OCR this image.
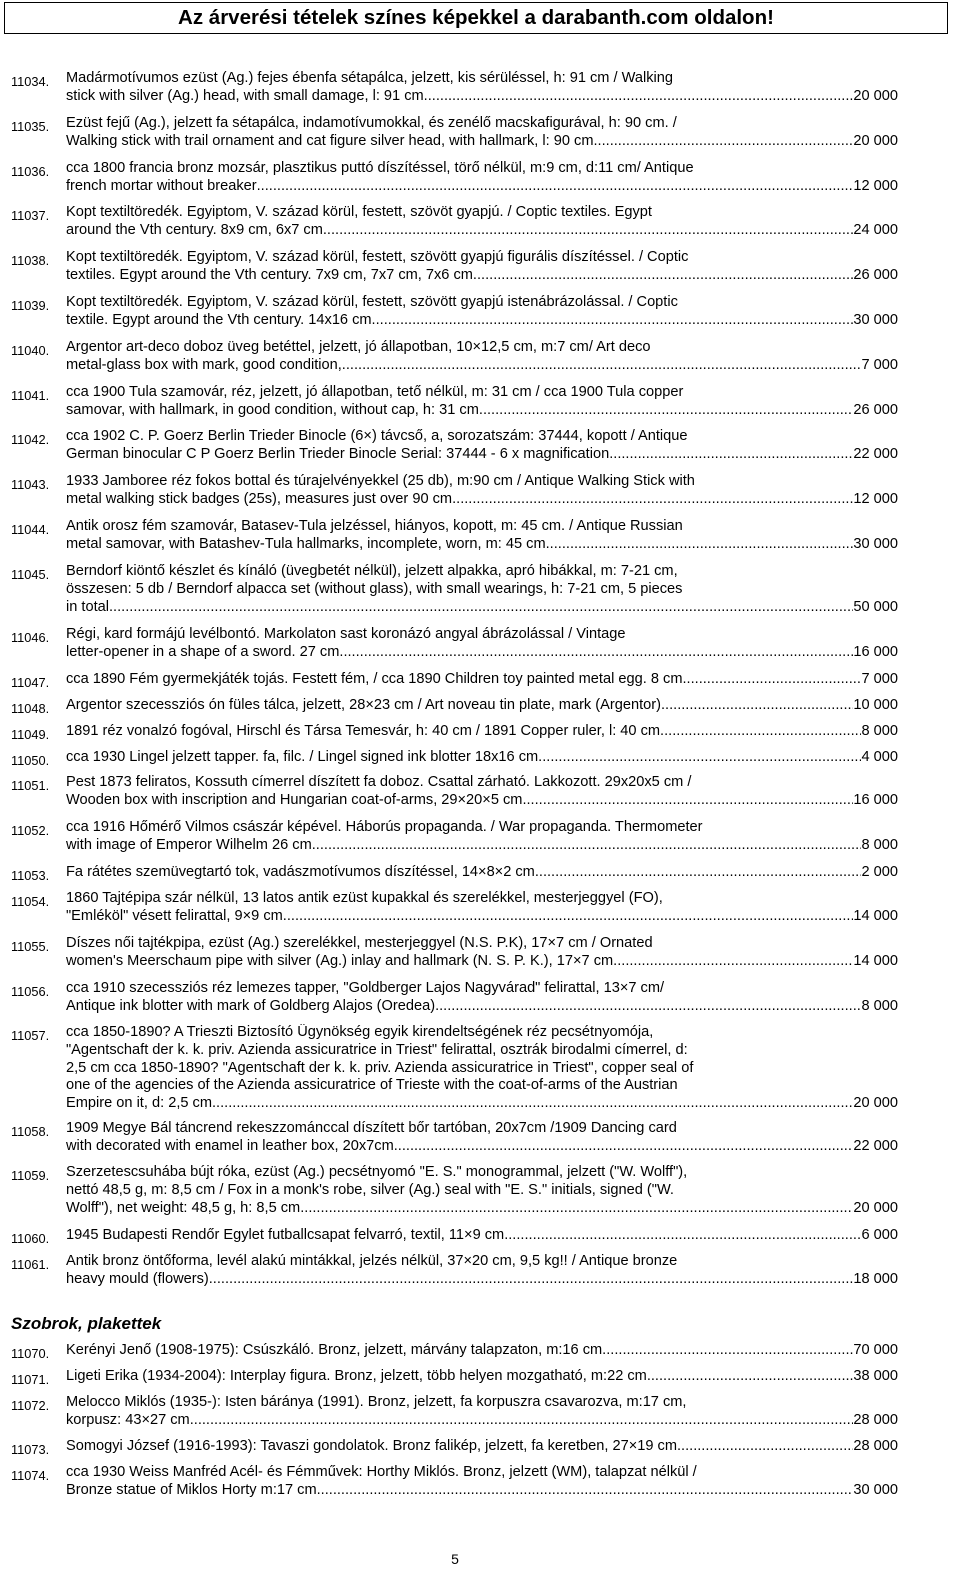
Az árverési tételek színes képekkel a darabanth.com oldalon!
11034. Madármotívumos ezüst (Ag.) fejes ébenfa sétapálca, jelzett, kis sérüléssel, h: 91 cm / Walking
stick with silver (Ag.) head, with small damage, l: 91 cm .....	20 000
11035. Ezüst fejű (Ag.), jelzett fa sétapálca, indamotívumokkal, és zenélő macskafigurával, h: 90 cm. /
Walking stick with trail ornament and cat figure silver head, with hallmark, l: 90 cm. .....	20 000
11036. cca 1800 francia bronz mozsár, plasztikus puttó díszítéssel, törő nélkül, m:9 cm, d:11 cm/ Antique
french mortar without breaker .....	12 000
11037. Kopt textiltöredék. Egyiptom, V. század körül, festett, szövöt gyapjú. / Coptic textiles. Egypt
around the Vth century. 8x9 cm, 6x7 cm .....	24 000
11038. Kopt textiltöredék. Egyiptom, V. század körül, festett, szövött gyapjú figurális díszítéssel. / Coptic
textiles. Egypt around the Vth century. 7x9 cm, 7x7 cm, 7x6 cm .....	26 000
11039. Kopt textiltöredék. Egyiptom, V. század körül, festett, szövött gyapjú istenábrázolással. / Coptic
textile. Egypt around the Vth century. 14x16 cm. .....	30 000
11040. Argentor art-deco doboz üveg betéttel, jelzett, jó állapotban, 10×12,5 cm, m:7 cm/ Art deco
metal-glass box with mark, good condition, .....	7 000
11041. cca 1900 Tula szamovár, réz, jelzett, jó állapotban, tető nélkül, m: 31 cm / cca 1900 Tula copper
samovar, with hallmark, in good condition, without cap, h: 31 cm .....	26 000
11042. cca 1902 C. P. Goerz Berlin Trieder Binocle (6×) távcső, a, sorozatszám: 37444, kopott / Antique
German binocular C P Goerz Berlin Trieder Binocle Serial: 37444 - 6 x magnification .....	22 000
11043. 1933 Jamboree réz fokos bottal és túrajelvényekkel (25 db), m:90 cm / Antique Walking Stick with
metal walking stick badges (25s), measures just over 90 cm .....	12 000
11044. Antik orosz fém szamovár, Batasev-Tula jelzéssel, hiányos, kopott, m: 45 cm. / Antique Russian
metal samovar, with Batashev-Tula hallmarks, incomplete, worn, m: 45 cm. .....	30 000
11045. Berndorf kiöntő készlet és kínáló (üvegbetét nélkül), jelzett alpakka, apró hibákkal, m: 7-21 cm,
összesen: 5 db / Berndorf alpacca set (without glass), with small wearings, h: 7-21 cm, 5 pieces
in total .....	50 000
11046. Régi, kard formájú levélbontó. Markolaton sast koronázó angyal ábrázolással / Vintage
letter-opener in a shape of a sword. 27 cm .....	16 000
11047. cca 1890 Fém gyermekjáték tojás. Festett fém, / cca 1890 Children toy painted metal egg. 8 cm .....	7 000
11048. Argentor szecessziós ón füles tálca, jelzett, 28×23 cm / Art noveau tin plate, mark (Argentor) .....	10 000
11049. 1891 réz vonalzó fogóval, Hirschl és Társa Temesvár, h: 40 cm / 1891 Copper ruler, l: 40 cm .....	8 000
11050. cca 1930 Lingel jelzett tapper. fa, filc. / Lingel signed ink blotter 18x16 cm .....	4 000
11051. Pest 1873 feliratos, Kossuth címerrel díszített fa doboz. Csattal zárható. Lakkozott. 29x20x5 cm /
Wooden box with inscription and Hungarian coat-of-arms, 29×20×5 cm .....	16 000
11052. cca 1916 Hőmérő Vilmos császár képével. Háborús propaganda. / War propaganda. Thermometer
with image of Emperor Wilhelm 26 cm .....	8 000
11053. Fa rátétes szemüvegtartó tok, vadászmotívumos díszítéssel, 14×8×2 cm .....	2 000
11054. 1860 Tajtépipa szár nélkül, 13 latos antik ezüst kupakkal és szerelékkel, mesterjeggyel (FO),
"Emléköl" vésett felirattal, 9×9 cm .....	14 000
11055. Díszes női tajtékpipa, ezüst (Ag.) szerelékkel, mesterjeggyel (N.S. P.K), 17×7 cm / Ornated
women's Meerschaum pipe with silver (Ag.) inlay and hallmark (N. S. P. K.), 17×7 cm .....	14 000
11056. cca 1910 szecessziós réz lemezes tapper, "Goldberger Lajos Nagyvárad" felirattal, 13×7 cm/
Antique ink blotter with mark of Goldberg Alajos (Oredea) .....	8 000
11057. cca 1850-1890? A Trieszti Biztosító Ügynökség egyik kirendeltségének réz pecsétnyomója,
"Agentschaft der k. k. priv. Azienda assicuratrice in Triest" felirattal, osztrák birodalmi címerrel, d:
2,5 cm cca 1850-1890? "Agentschaft der k. k. priv. Azienda assicuratrice in Triest", copper seal of
one of the agencies of the Azienda assicuratrice of Trieste with the coat-of-arms of the Austrian
Empire on it, d: 2,5 cm .....	20 000
11058. 1909 Megye Bál táncrend rekeszzománccal díszített bőr tartóban, 20x7cm /1909 Dancing card
with decorated with enamel in leather box, 20x7cm .....	22 000
11059. Szerzetescsuhába bújt róka, ezüst (Ag.) pecsétnyomó "E. S." monogrammal, jelzett ("W. Wolff"),
nettó 48,5 g, m: 8,5 cm / Fox in a monk's robe, silver (Ag.) seal with "E. S." initials, signed ("W.
Wolff"), net weight: 48,5 g, h: 8,5 cm .....	20 000
11060. 1945 Budapesti Rendőr Egylet futballcsapat felvarró, textil, 11×9 cm .....	6 000
11061. Antik bronz öntőforma, levél alakú mintákkal, jelzés nélkül, 37×20 cm, 9,5 kg!! / Antique bronze
heavy mould (flowers) .....	18 000
11070. Kerényi Jenő (1908-1975): Csúszkáló. Bronz, jelzett, márvány talapzaton, m:16 cm .....	70 000
11071. Ligeti Erika (1934-2004): Interplay figura. Bronz, jelzett, több helyen mozgatható, m:22 cm .....	38 000
11072. Melocco Miklós (1935-): Isten báránya (1991). Bronz, jelzett, fa korpuszra csavarozva, m:17 cm,
korpusz: 43×27 cm .....	28 000
11073. Somogyi József (1916-1993): Tavaszi gondolatok. Bronz falikép, jelzett, fa keretben, 27×19 cm .....	28 000
11074. cca 1930 Weiss Manfréd Acél- és Fémművek: Horthy Miklós. Bronz, jelzett (WM), talapzat nélkül /
Bronze statue of Miklos Horty m:17 cm .....	30 000
Szobrok, plakettek
5
